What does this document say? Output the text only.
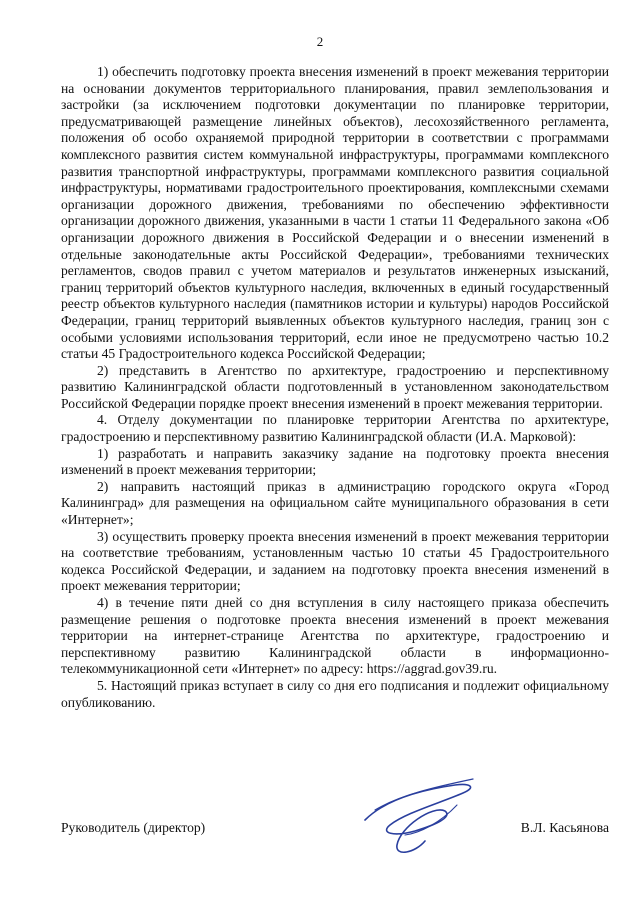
2

1) обеспечить подготовку проекта внесения изменений в проект межевания территории на основании документов территориального планирования, правил землепользования и застройки (за исключением подготовки документации по планировке территории, предусматривающей размещение линейных объектов), лесохозяйственного регламента, положения об особо охраняемой природной территории в соответствии с программами комплексного развития систем коммунальной инфраструктуры, программами комплексного развития транспортной инфраструктуры, программами комплексного развития социальной инфраструктуры, нормативами градостроительного проектирования, комплексными схемами организации дорожного движения, требованиями по обеспечению эффективности организации дорожного движения, указанными в части 1 статьи 11 Федерального закона «Об организации дорожного движения в Российской Федерации и о внесении изменений в отдельные законодательные акты Российской Федерации», требованиями технических регламентов, сводов правил с учетом материалов и результатов инженерных изысканий, границ территорий объектов культурного наследия, включенных в единый государственный реестр объектов культурного наследия (памятников истории и культуры) народов Российской Федерации, границ территорий выявленных объектов культурного наследия, границ зон с особыми условиями использования территорий, если иное не предусмотрено частью 10.2 статьи 45 Градостроительного кодекса Российской Федерации;

2) представить в Агентство по архитектуре, градостроению и перспективному развитию Калининградской области подготовленный в установленном законодательством Российской Федерации порядке проект внесения изменений в проект межевания территории.

4. Отделу документации по планировке территории Агентства по архитектуре, градостроению и перспективному развитию Калининградской области (И.А. Марковой):

1) разработать и направить заказчику задание на подготовку проекта внесения изменений в проект межевания территории;

2) направить настоящий приказ в администрацию городского округа «Город Калининград» для размещения на официальном сайте муниципального образования в сети «Интернет»;

3) осуществить проверку проекта внесения изменений в проект межевания территории на соответствие требованиям, установленным частью 10 статьи 45 Градостроительного кодекса Российской Федерации, и заданием на подготовку проекта внесения изменений в проект межевания территории;

4) в течение пяти дней со дня вступления в силу настоящего приказа обеспечить размещение решения о подготовке проекта внесения изменений в проект межевания территории на интернет-странице Агентства по архитектуре, градостроению и перспективному развитию Калининградской области в информационно-телекоммуникационной сети «Интернет» по адресу: https://aggrad.gov39.ru.

5. Настоящий приказ вступает в силу со дня его подписания и подлежит официальному опубликованию.

Руководитель (директор)	В.Л. Касьянова
